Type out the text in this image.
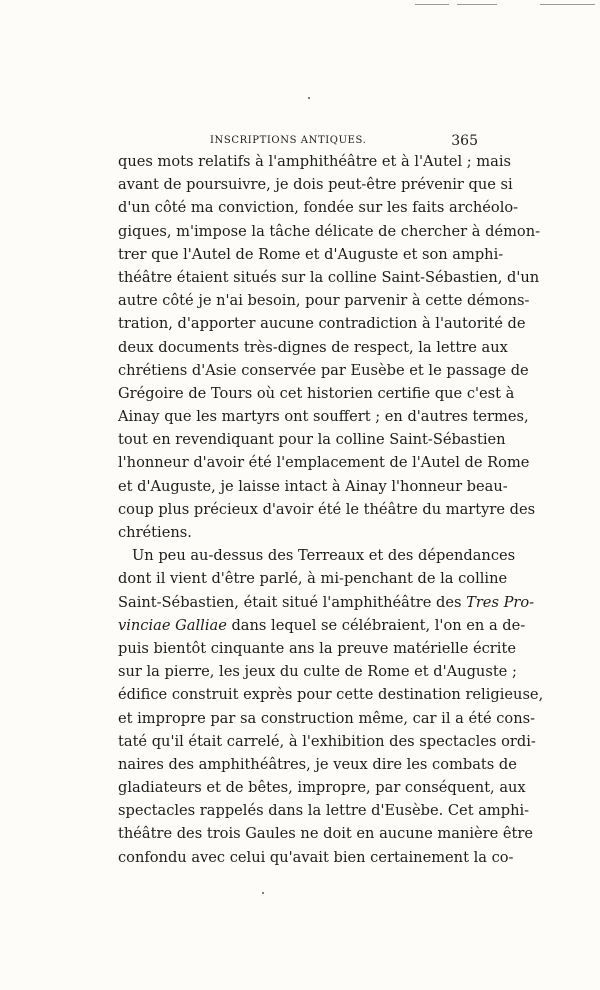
INSCRIPTIONS ANTIQUES.	365
ques mots relatifs à l'amphithéâtre et à l'Autel ; mais
avant de poursuivre, je dois peut-être prévenir que si
d'un côté ma conviction, fondée sur les faits archéolo-
giques, m'impose la tâche délicate de chercher à démon-
trer que l'Autel de Rome et d'Auguste et son amphi-
théâtre étaient situés sur la colline Saint-Sébastien, d'un
autre côté je n'ai besoin, pour parvenir à cette démons-
tration, d'apporter aucune contradiction à l'autorité de
deux documents très-dignes de respect, la lettre aux
chrétiens d'Asie conservée par Eusèbe et le passage de
Grégoire de Tours où cet historien certifie que c'est à
Ainay que les martyrs ont souffert ; en d'autres termes,
tout en revendiquant pour la colline Saint-Sébastien
l'honneur d'avoir été l'emplacement de l'Autel de Rome
et d'Auguste, je laisse intact à Ainay l'honneur beau-
coup plus précieux d'avoir été le théâtre du martyre des
chrétiens.
Un peu au-dessus des Terreaux et des dépendances
dont il vient d'être parlé, à mi-penchant de la colline
Saint-Sébastien, était situé l'amphithéâtre des Tres Pro-
vinciae Galliae dans lequel se célébraient, l'on en a de-
puis bientôt cinquante ans la preuve matérielle écrite
sur la pierre, les jeux du culte de Rome et d'Auguste ;
édifice construit exprès pour cette destination religieuse,
et impropre par sa construction même, car il a été cons-
taté qu'il était carrelé, à l'exhibition des spectacles ordi-
naires des amphithéâtres, je veux dire les combats de
gladiateurs et de bêtes, impropre, par conséquent, aux
spectacles rappelés dans la lettre d'Eusèbe. Cet amphi-
théâtre des trois Gaules ne doit en aucune manière être
confondu avec celui qu'avait bien certainement la co-
